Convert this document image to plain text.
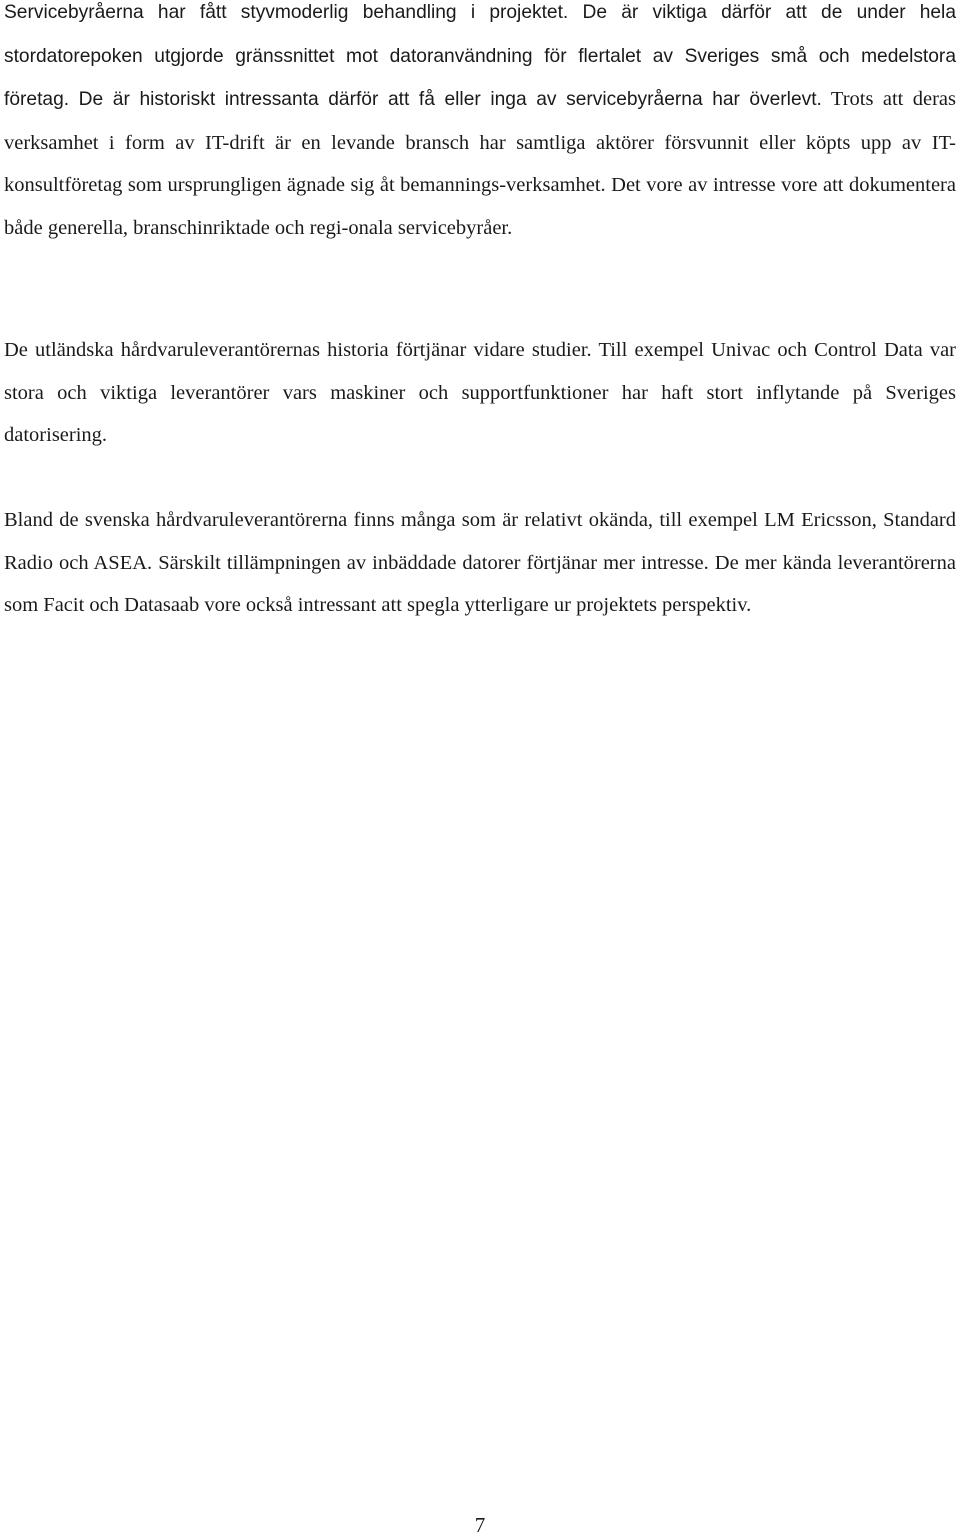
Servicebyråerna har fått styvmoderlig behandling i projektet. De är viktiga därför att de under hela stordatorepoken utgjorde gränssnittet mot datoranvändning för flertalet av Sveriges små och medelstora företag. De är historiskt intressanta därför att få eller inga av servicebyråerna har överlevt. Trots att deras verksamhet i form av IT-drift är en levande bransch har samtliga aktörer försvunnit eller köpts upp av IT-konsultföretag som ursprungligen ägnade sig åt bemannings-verksamhet. Det vore av intresse vore att dokumentera både generella, branschinriktade och regi-onala servicebyråer.

De utländska hårdvaruleverantörernas historia förtjänar vidare studier. Till exempel Univac och Control Data var stora och viktiga leverantörer vars maskiner och supportfunktioner har haft stort inflytande på Sveriges datorisering.

Bland de svenska hårdvaruleverantörerna finns många som är relativt okända, till exempel LM Ericsson, Standard Radio och ASEA. Särskilt tillämpningen av inbäddade datorer förtjänar mer intresse. De mer kända leverantörerna som Facit och Datasaab vore också intressant att spegla ytterligare ur projektets perspektiv.

7
